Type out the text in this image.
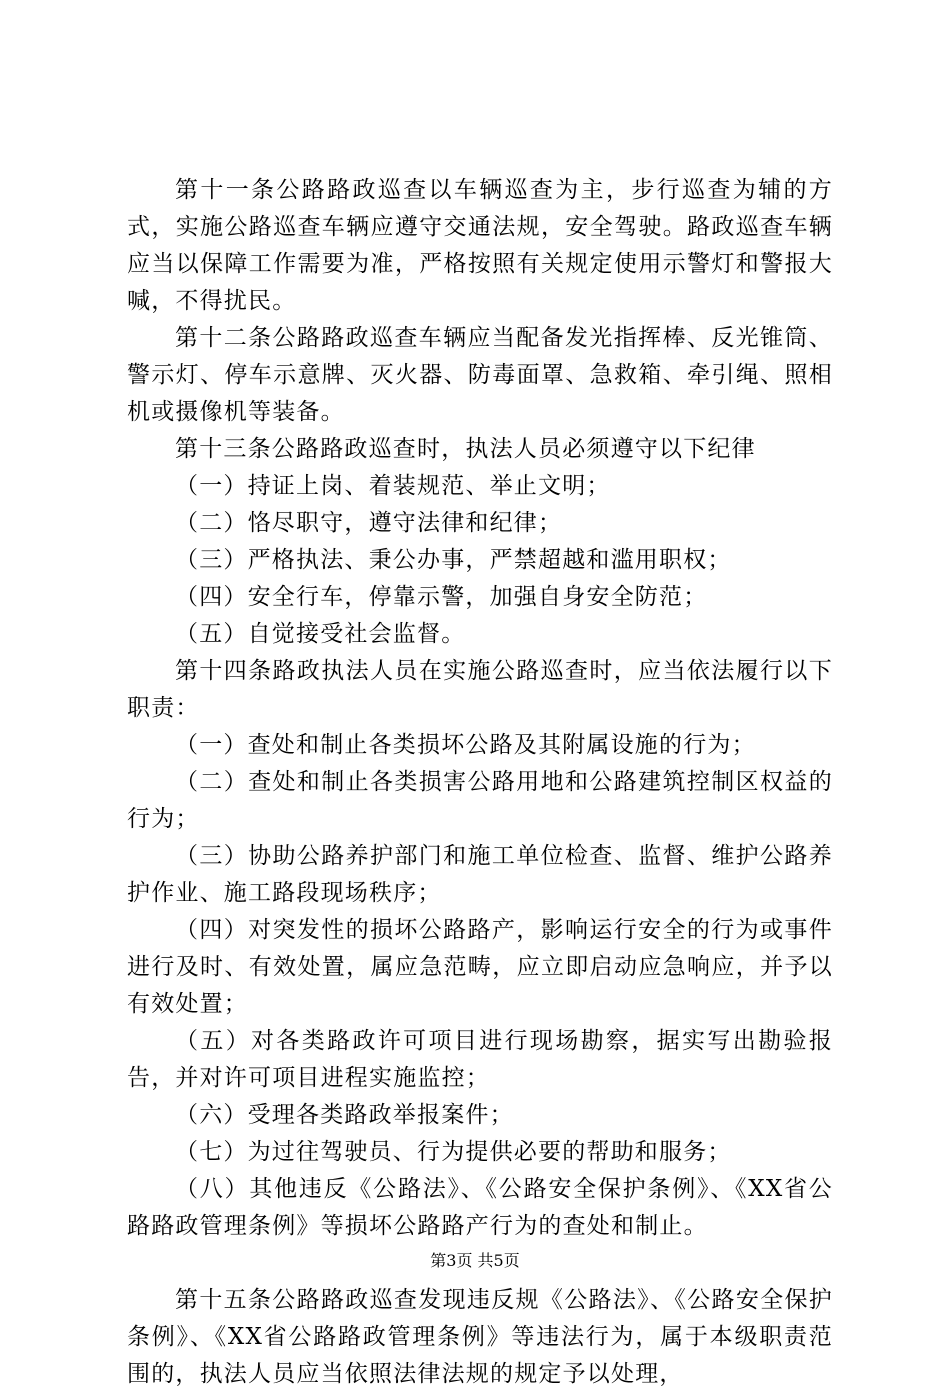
第十一条公路路政巡查以车辆巡查为主，步行巡查为辅的方式，实施公路巡查车辆应遵守交通法规，安全驾驶。路政巡查车辆应当以保障工作需要为准，严格按照有关规定使用示警灯和警报大喊，不得扰民。

第十二条公路路政巡查车辆应当配备发光指挥棒、反光锥筒、警示灯、停车示意牌、灭火器、防毒面罩、急救箱、牵引绳、照相机或摄像机等装备。

第十三条公路路政巡查时，执法人员必须遵守以下纪律

（一）持证上岗、着装规范、举止文明；

（二）恪尽职守，遵守法律和纪律；

（三）严格执法、秉公办事，严禁超越和滥用职权；

（四）安全行车，停靠示警，加强自身安全防范；

（五）自觉接受社会监督。

第十四条路政执法人员在实施公路巡查时，应当依法履行以下职责：

（一）查处和制止各类损坏公路及其附属设施的行为；

（二）查处和制止各类损害公路用地和公路建筑控制区权益的行为；

（三）协助公路养护部门和施工单位检查、监督、维护公路养护作业、施工路段现场秩序；

（四）对突发性的损坏公路路产，影响运行安全的行为或事件进行及时、有效处置，属应急范畴，应立即启动应急响应，并予以有效处置；

（五）对各类路政许可项目进行现场勘察，据实写出勘验报告，并对许可项目进程实施监控；

（六）受理各类路政举报案件；

（七）为过往驾驶员、行为提供必要的帮助和服务；

（八）其他违反《公路法》、《公路安全保护条例》、《XX省公路路政管理条例》等损坏公路路产行为的查处和制止。

第十五条公路路政巡查发现违反规《公路法》、《公路安全保护条例》、《XX省公路路政管理条例》等违法行为，属于本级职责范围的，执法人员应当依照法律法规的规定予以处理，

第3页 共5页
